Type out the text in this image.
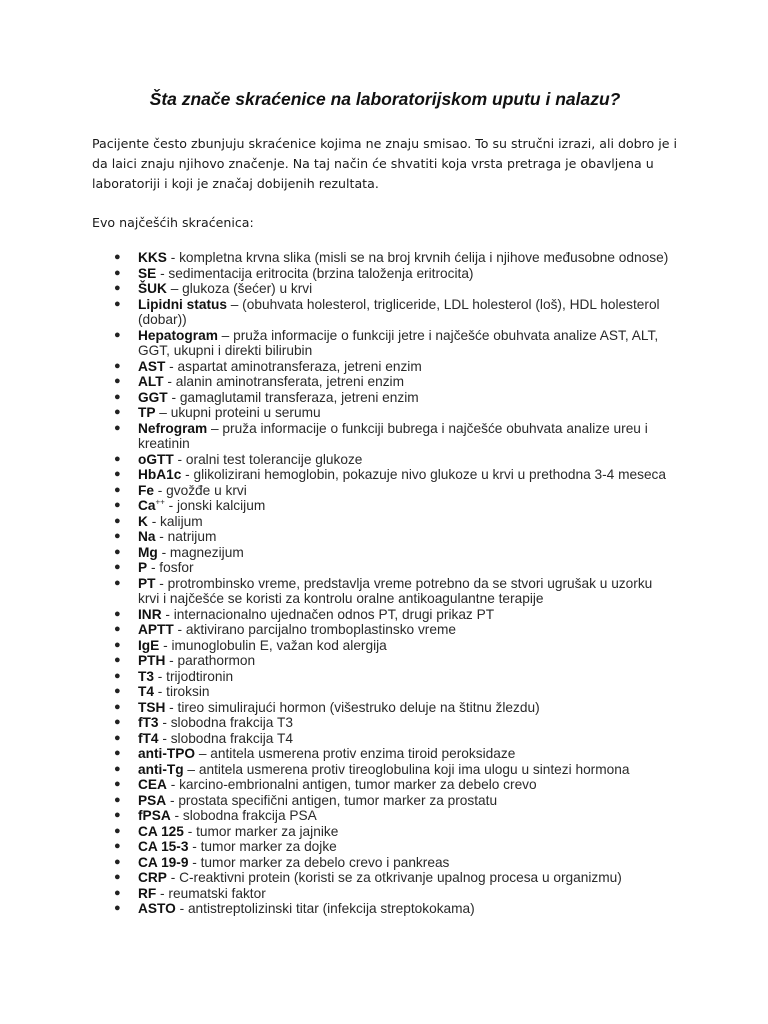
Šta znače skraćenice na laboratorijskom uputu i nalazu?

Pacijente često zbunjuju skraćenice kojima ne znaju smisao. To su stručni izrazi, ali dobro je i da laici znaju njihovo značenje. Na taj način će shvatiti koja vrsta pretraga je obavljena u laboratoriji i koji je značaj dobijenih rezultata.

Evo najčešćih skraćenica:

● KKS - kompletna krvna slika (misli se na broj krvnih ćelija i njihove međusobne odnose)
● SE - sedimentacija eritrocita (brzina taloženja eritrocita)
● ŠUK – glukoza (šećer) u krvi
● Lipidni status – (obuhvata holesterol, trigliceride, LDL holesterol (loš), HDL holesterol (dobar))
● Hepatogram – pruža informacije o funkciji jetre i najčešće obuhvata analize AST, ALT, GGT, ukupni i direkti bilirubin
● AST - aspartat aminotransferaza, jetreni enzim
● ALT - alanin aminotransferata, jetreni enzim
● GGT - gamaglutamil transferaza, jetreni enzim
● TP – ukupni proteini u serumu
● Nefrogram – pruža informacije o funkciji bubrega i najčešće obuhvata analize ureu i kreatinin
● oGTT - oralni test tolerancije glukoze
● HbA1c - glikolizirani hemoglobin, pokazuje nivo glukoze u krvi u prethodna 3-4 meseca
● Fe - gvožđe u krvi
● Ca++ - jonski kalcijum
● K - kalijum
● Na - natrijum
● Mg - magnezijum
● P - fosfor
● PT - protrombinsko vreme, predstavlja vreme potrebno da se stvori ugrušak u uzorku krvi i najčešće se koristi za kontrolu oralne antikoagulantne terapije
● INR - internacionalno ujednačen odnos PT, drugi prikaz PT
● APTT - aktivirano parcijalno tromboplastinsko vreme
● IgE - imunoglobulin E, važan kod alergija
● PTH - parathormon
● T3 - trijodtironin
● T4 - tiroksin
● TSH - tireo simulirajući hormon (višestruko deluje na štitnu žlezdu)
● fT3 - slobodna frakcija T3
● fT4 - slobodna frakcija T4
● anti-TPO – antitela usmerena protiv enzima tiroid peroksidaze
● anti-Tg – antitela usmerena protiv tireoglobulina koji ima ulogu u sintezi hormona
● CEA - karcino-embrionalni antigen, tumor marker za debelo crevo
● PSA - prostata specifični antigen, tumor marker za prostatu
● fPSA - slobodna frakcija PSA
● CA 125 - tumor marker za jajnike
● CA 15-3 - tumor marker za dojke
● CA 19-9 - tumor marker za debelo crevo i pankreas
● CRP - C-reaktivni protein (koristi se za otkrivanje upalnog procesa u organizmu)
● RF - reumatski faktor
● ASTO - antistreptolizinski titar (infekcija streptokokama)
